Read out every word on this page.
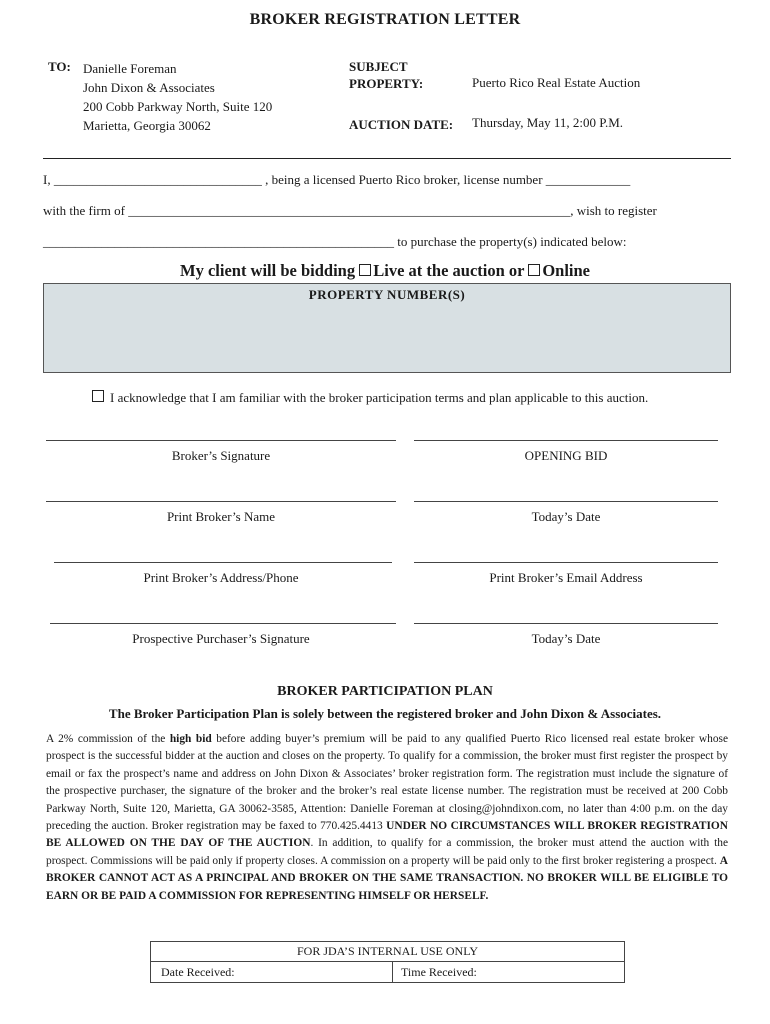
BROKER REGISTRATION LETTER
TO: Danielle Foreman
John Dixon & Associates
200 Cobb Parkway North, Suite 120
Marietta, Georgia 30062
SUBJECT
PROPERTY:	Puerto Rico Real Estate Auction
AUCTION DATE: Thursday, May 11, 2:00 P.M.
I, ________________________________ , being a licensed Puerto Rico broker, license number _____________
with the firm of ____________________________________________________________________, wish to register
______________________________________________________ to purchase the property(s) indicated below:
My client will be bidding Live at the auction or Online
PROPERTY NUMBER(S)
I acknowledge that I am familiar with the broker participation terms and plan applicable to this auction.
Broker’s Signature	OPENING BID
Print Broker’s Name	Today’s Date
Print Broker’s Address/Phone	Print Broker’s Email Address
Prospective Purchaser’s Signature	Today’s Date
BROKER PARTICIPATION PLAN
The Broker Participation Plan is solely between the registered broker and John Dixon & Associates.
A 2% commission of the high bid before adding buyer’s premium will be paid to any qualified Puerto Rico licensed real estate broker whose prospect is the successful bidder at the auction and closes on the property. To qualify for a commission, the broker must first register the prospect by email or fax the prospect’s name and address on John Dixon & Associates’ broker registration form. The registration must include the signature of the prospective purchaser, the signature of the broker and the broker’s real estate license number. The registration must be received at 200 Cobb Parkway North, Suite 120, Marietta, GA 30062-3585, Attention: Danielle Foreman at closing@johndixon.com, no later than 4:00 p.m. on the day preceding the auction. Broker registration may be faxed to 770.425.4413 UNDER NO CIRCUMSTANCES WILL BROKER REGISTRATION BE ALLOWED ON THE DAY OF THE AUCTION. In addition, to qualify for a commission, the broker must attend the auction with the prospect. Commissions will be paid only if property closes. A commission on a property will be paid only to the first broker registering a prospect. A BROKER CANNOT ACT AS A PRINCIPAL AND BROKER ON THE SAME TRANSACTION. NO BROKER WILL BE ELIGIBLE TO EARN OR BE PAID A COMMISSION FOR REPRESENTING HIMSELF OR HERSELF.
FOR JDA’S INTERNAL USE ONLY
Date Received:	Time Received:
